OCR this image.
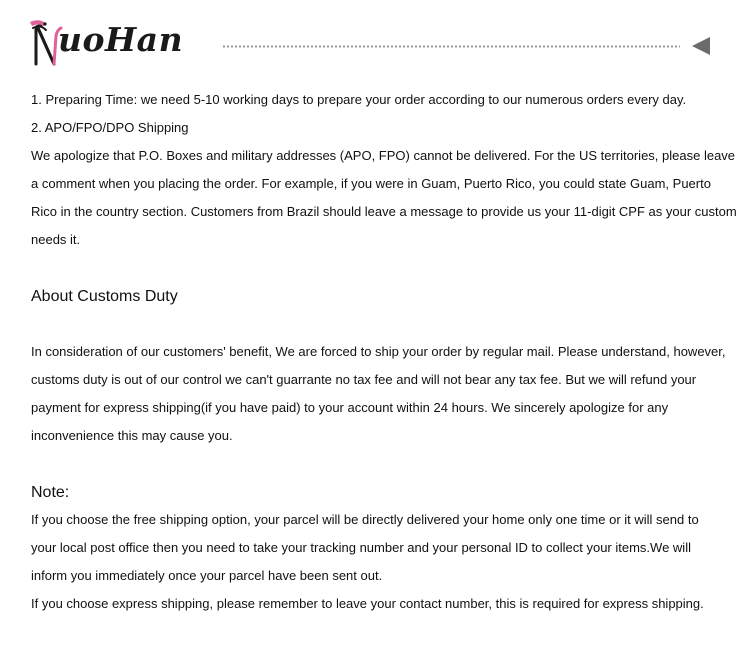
uoHan
1. Preparing Time: we need 5-10 working days to prepare your order according to our numerous orders every day.
2. APO/FPO/DPO Shipping
We apologize that P.O. Boxes and military addresses (APO, FPO) cannot be delivered. For the US territories, please leave
a comment when you placing the order. For example, if you were in Guam, Puerto Rico, you could state Guam, Puerto
Rico in the country section. Customers from Brazil should leave a message to provide us your 11-digit CPF as your custom
needs it.
About Customs Duty
In consideration of our customers' benefit, We are forced to ship your order by regular mail. Please understand, however,
customs duty is out of our control we can't guarrante no tax fee and will not bear any tax fee. But we will refund your
payment for express shipping(if you have paid) to your account within 24 hours. We sincerely apologize for any
inconvenience this may cause you.
Note:
If you choose the free shipping option, your parcel will be directly delivered your home only one time or it will send to
your local post office then you need to take your tracking number and your personal ID to collect your items.We will
inform you immediately once your parcel have been sent out.
If you choose express shipping, please remember to leave your contact number, this is required for express shipping.
